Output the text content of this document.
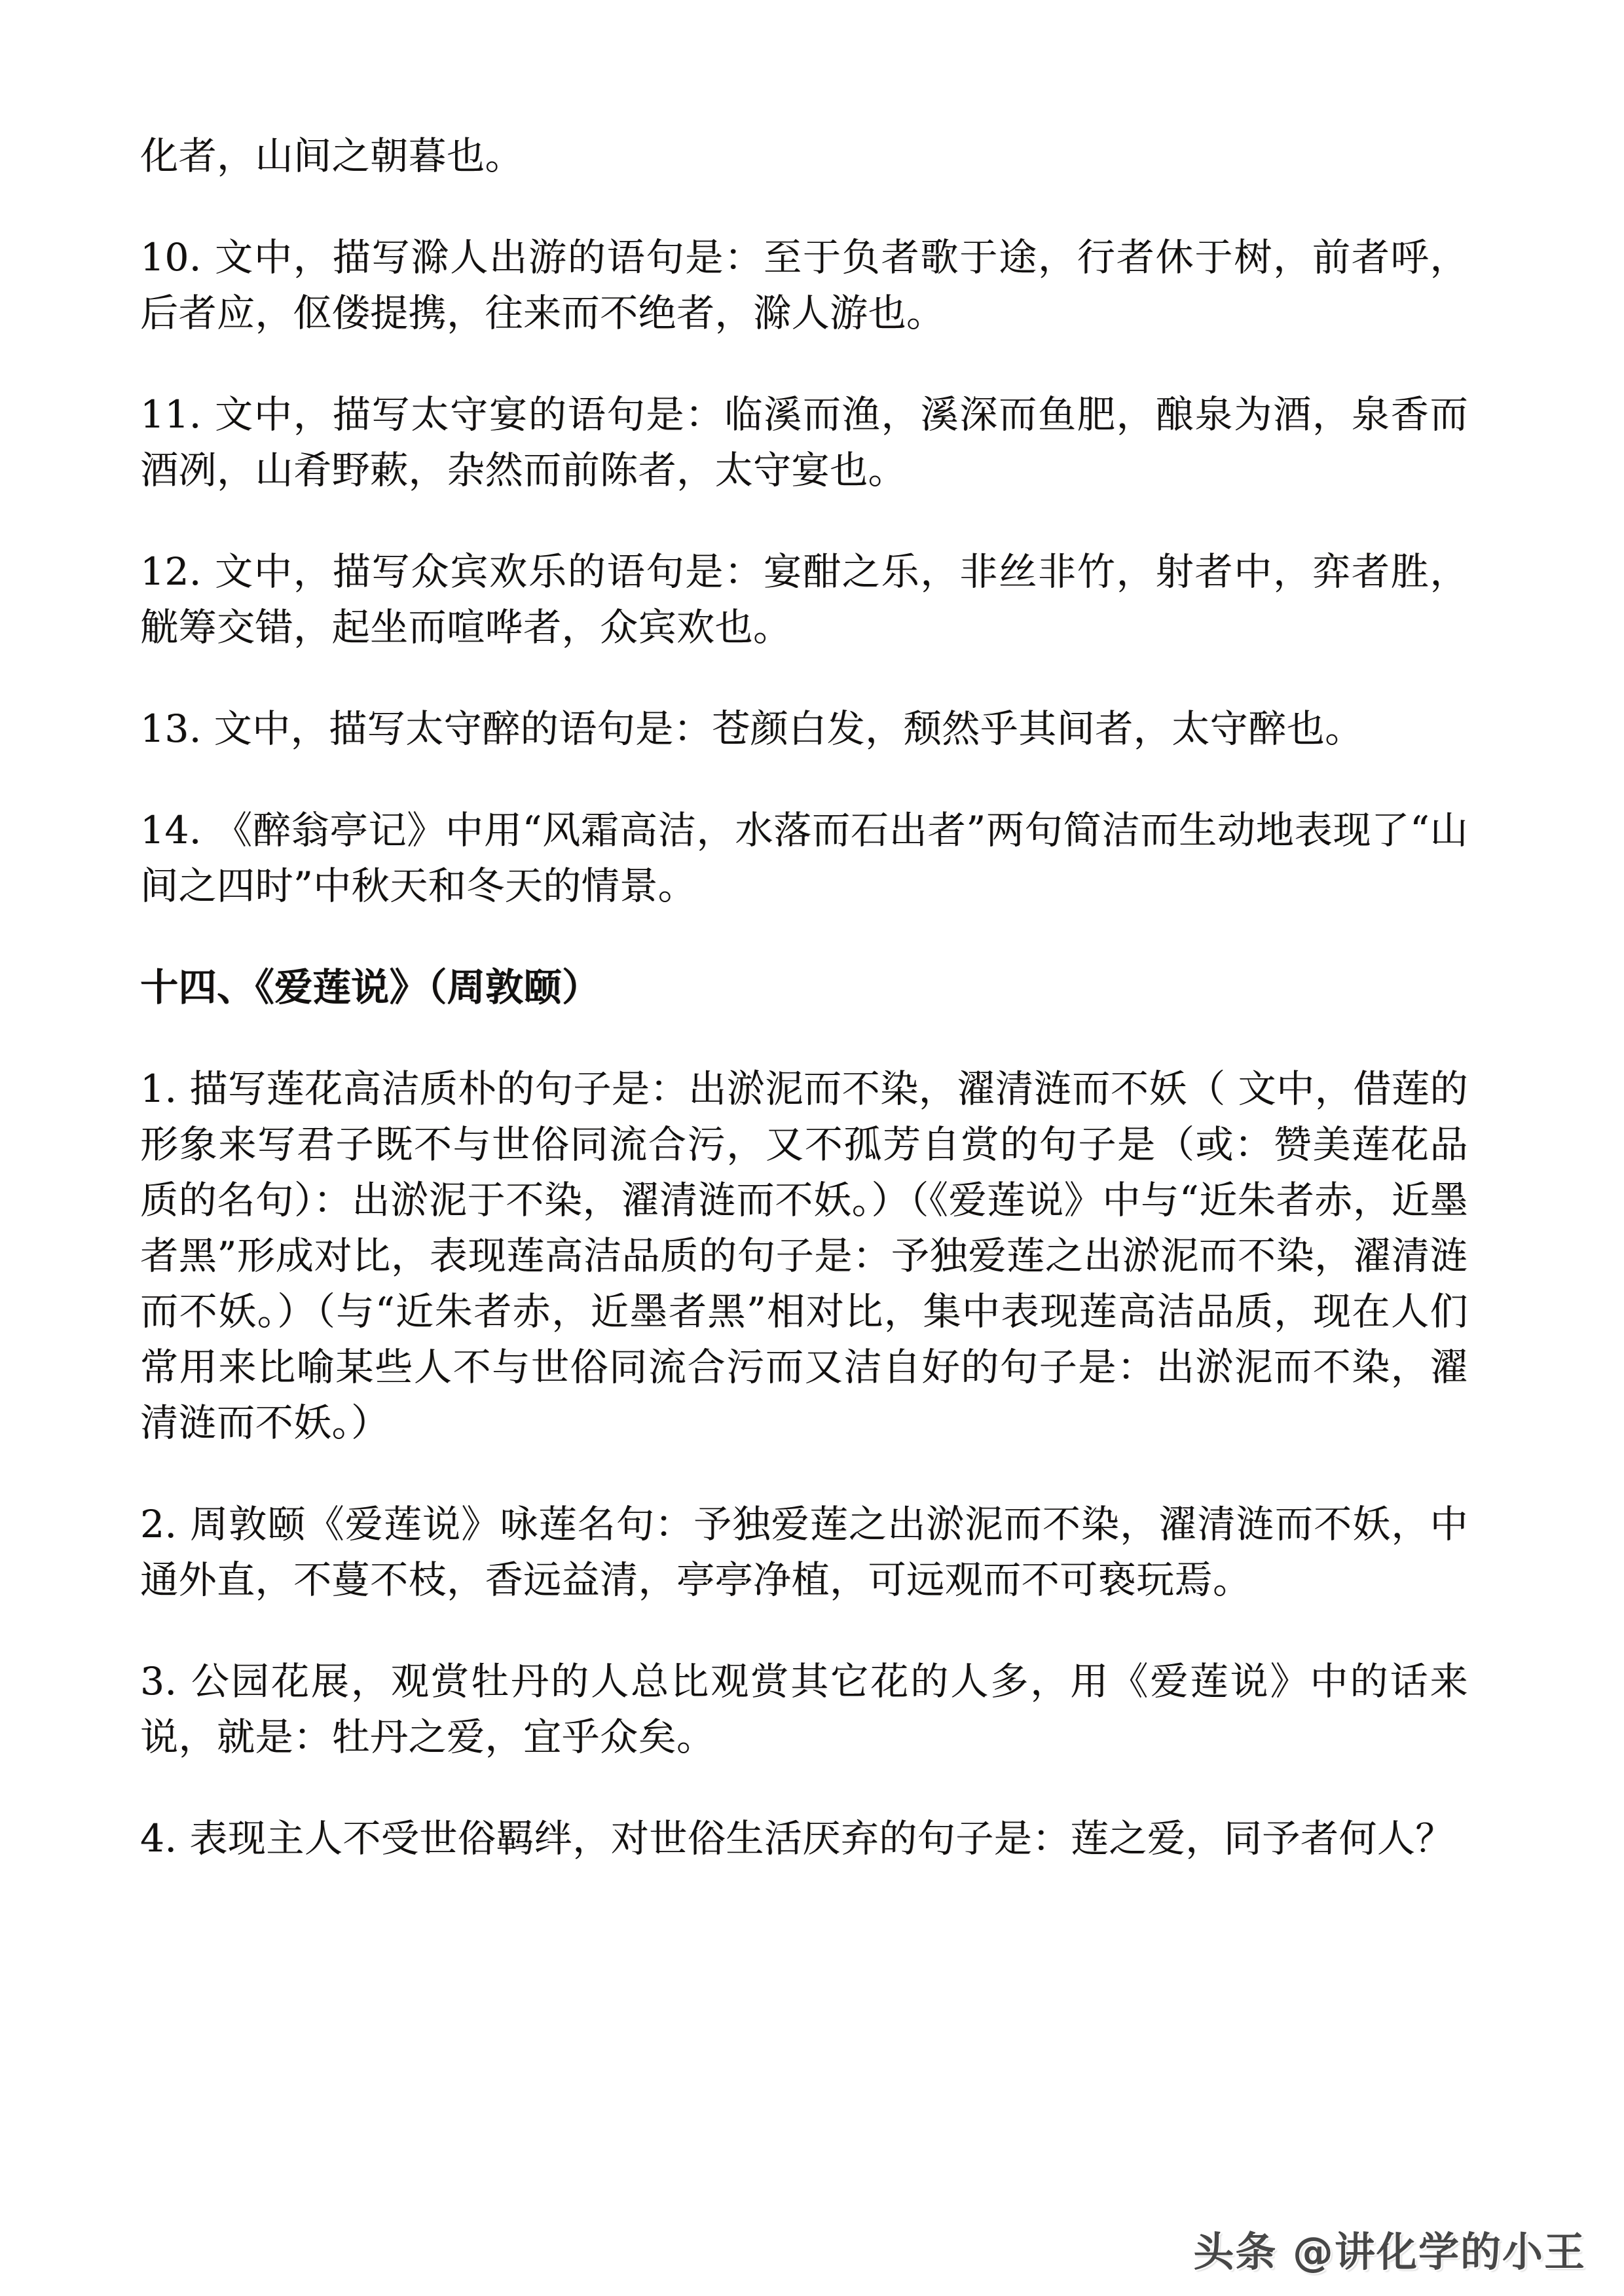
化者，山间之朝暮也。

10. 文中，描写滁人出游的语句是：至于负者歌于途，行者休于树，前者呼，后者应，伛偻提携，往来而不绝者，滁人游也。

11. 文中，描写太守宴的语句是：临溪而渔，溪深而鱼肥，酿泉为酒，泉香而酒冽，山肴野蔌，杂然而前陈者，太守宴也。

12. 文中，描写众宾欢乐的语句是：宴酣之乐，非丝非竹，射者中，弈者胜，觥筹交错，起坐而喧哗者，众宾欢也。

13. 文中，描写太守醉的语句是：苍颜白发，颓然乎其间者，太守醉也。

14. 《醉翁亭记》中用“风霜高洁，水落而石出者”两句简洁而生动地表现了“山间之四时”中秋天和冬天的情景。

十四、《爱莲说》（周敦颐）

1. 描写莲花高洁质朴的句子是：出淤泥而不染，濯清涟而不妖（ 文中，借莲的形象来写君子既不与世俗同流合污，又不孤芳自赏的句子是（或：赞美莲花品质的名句）：出淤泥于不染，濯清涟而不妖。）（《爱莲说》中与“近朱者赤，近墨者黑”形成对比，表现莲高洁品质的句子是：予独爱莲之出淤泥而不染，濯清涟而不妖。）（与“近朱者赤，近墨者黑”相对比，集中表现莲高洁品质，现在人们常用来比喻某些人不与世俗同流合污而又洁自好的句子是：出淤泥而不染，濯清涟而不妖。）

2. 周敦颐《爱莲说》咏莲名句：予独爱莲之出淤泥而不染，濯清涟而不妖，中通外直，不蔓不枝，香远益清，亭亭净植，可远观而不可亵玩焉。

3. 公园花展，观赏牡丹的人总比观赏其它花的人多，用《爱莲说》中的话来说，就是：牡丹之爱，宜乎众矣。

4. 表现主人不受世俗羁绊，对世俗生活厌弃的句子是：莲之爱，同予者何人？

头条 @讲化学的小王
